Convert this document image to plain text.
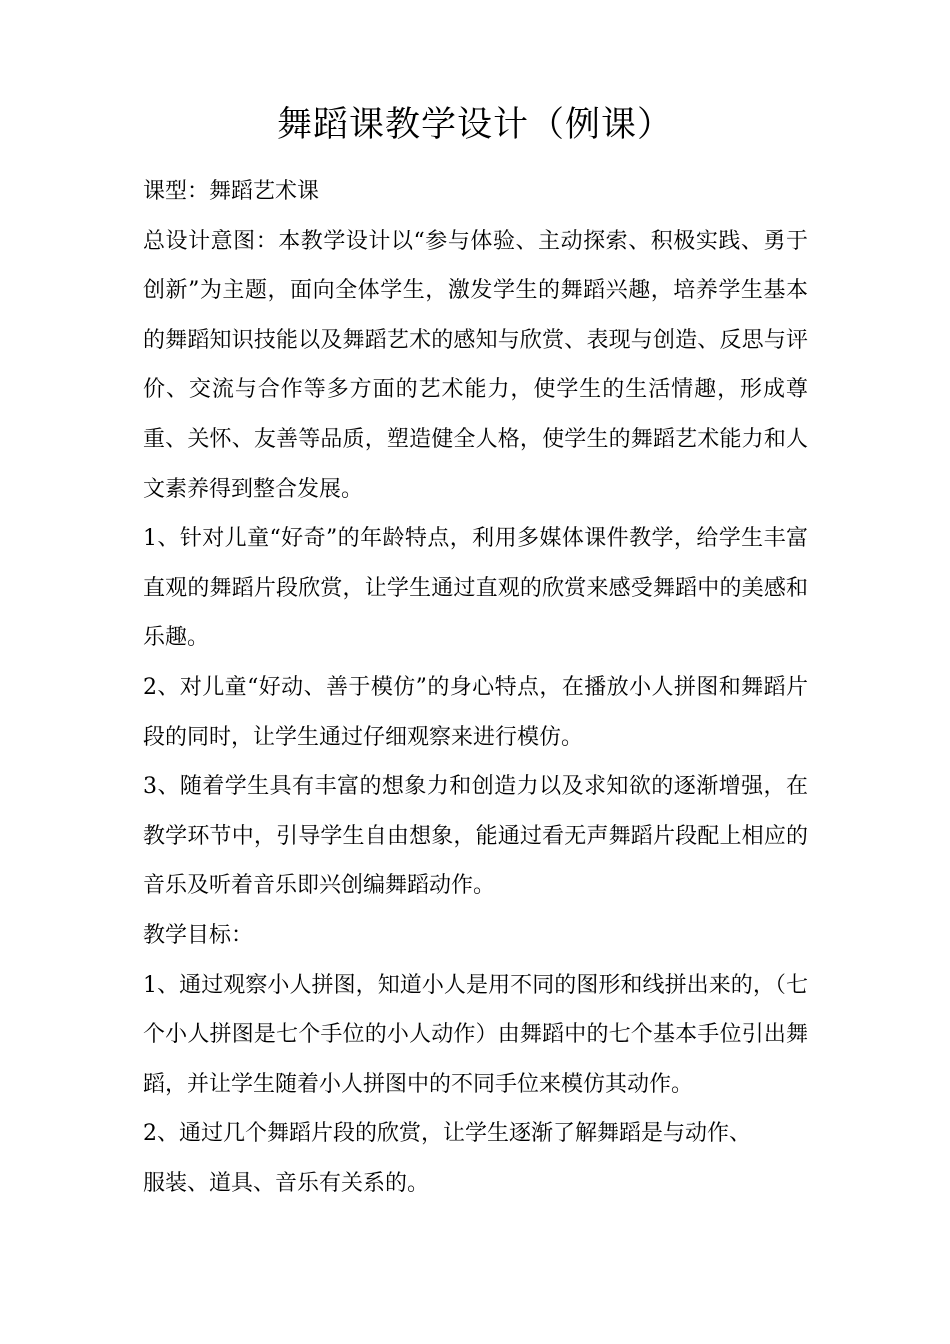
舞蹈课教学设计（例课）

课型：舞蹈艺术课

总设计意图：本教学设计以“参与体验、主动探索、积极实践、勇于创新”为主题，面向全体学生，激发学生的舞蹈兴趣，培养学生基本的舞蹈知识技能以及舞蹈艺术的感知与欣赏、表现与创造、反思与评价、交流与合作等多方面的艺术能力，使学生的生活情趣，形成尊重、关怀、友善等品质，塑造健全人格，使学生的舞蹈艺术能力和人文素养得到整合发展。

1、针对儿童“好奇”的年龄特点，利用多媒体课件教学，给学生丰富直观的舞蹈片段欣赏，让学生通过直观的欣赏来感受舞蹈中的美感和乐趣。

2、对儿童“好动、善于模仿”的身心特点，在播放小人拼图和舞蹈片段的同时，让学生通过仔细观察来进行模仿。

3、随着学生具有丰富的想象力和创造力以及求知欲的逐渐增强，在教学环节中，引导学生自由想象，能通过看无声舞蹈片段配上相应的音乐及听着音乐即兴创编舞蹈动作。

教学目标：

1、通过观察小人拼图，知道小人是用不同的图形和线拼出来的，（七个小人拼图是七个手位的小人动作）由舞蹈中的七个基本手位引出舞蹈，并让学生随着小人拼图中的不同手位来模仿其动作。

2、通过几个舞蹈片段的欣赏，让学生逐渐了解舞蹈是与动作、

服装、道具、音乐有关系的。
